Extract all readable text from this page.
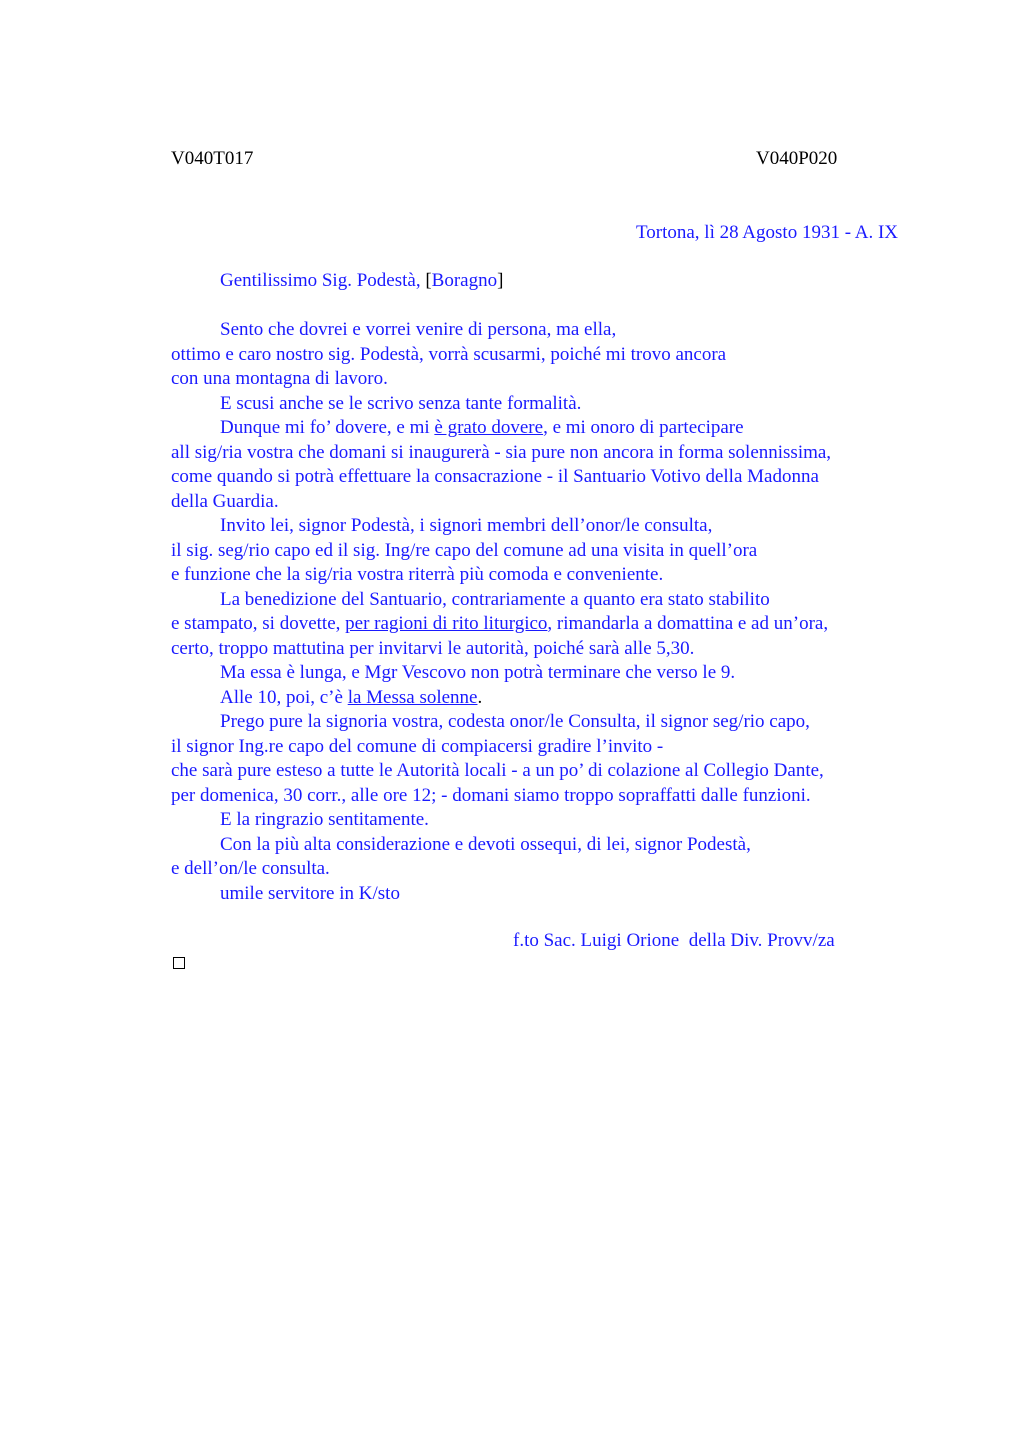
V040T017	V040P020
Tortona, lì 28 Agosto 1931 - A. IX
Gentilissimo Sig. Podestà, [Boragno]
Sento che dovrei e vorrei venire di persona, ma ella,
ottimo e caro nostro sig. Podestà, vorrà scusarmi, poiché mi trovo ancora
con una montagna di lavoro.
E scusi anche se le scrivo senza tante formalità.
Dunque mi fo’ dovere, e mi è grato dovere, e mi onoro di partecipare
all sig/ria vostra che domani si inaugurerà - sia pure non ancora in forma solennissima,
come quando si potrà effettuare la consacrazione - il Santuario Votivo della Madonna
della Guardia.
Invito lei, signor Podestà, i signori membri dell’onor/le consulta,
il sig. seg/rio capo ed il sig. Ing/re capo del comune ad una visita in quell’ora
e funzione che la sig/ria vostra riterrà più comoda e conveniente.
La benedizione del Santuario, contrariamente a quanto era stato stabilito
e stampato, si dovette, per ragioni di rito liturgico, rimandarla a domattina e ad un’ora,
certo, troppo mattutina per invitarvi le autorità, poiché sarà alle 5,30.
Ma essa è lunga, e Mgr Vescovo non potrà terminare che verso le 9.
Alle 10, poi, c’è la Messa solenne.
Prego pure la signoria vostra, codesta onor/le Consulta, il signor seg/rio capo,
il signor Ing.re capo del comune di compiacersi gradire l’invito -
che sarà pure esteso a tutte le Autorità locali - a un po’ di colazione al Collegio Dante,
per domenica, 30 corr., alle ore 12; - domani siamo troppo sopraffatti dalle funzioni.
E la ringrazio sentitamente.
Con la più alta considerazione e devoti ossequi, di lei, signor Podestà,
e dell’on/le consulta.
umile servitore in K/sto
f.to Sac. Luigi Orione  della Div. Provv/za
